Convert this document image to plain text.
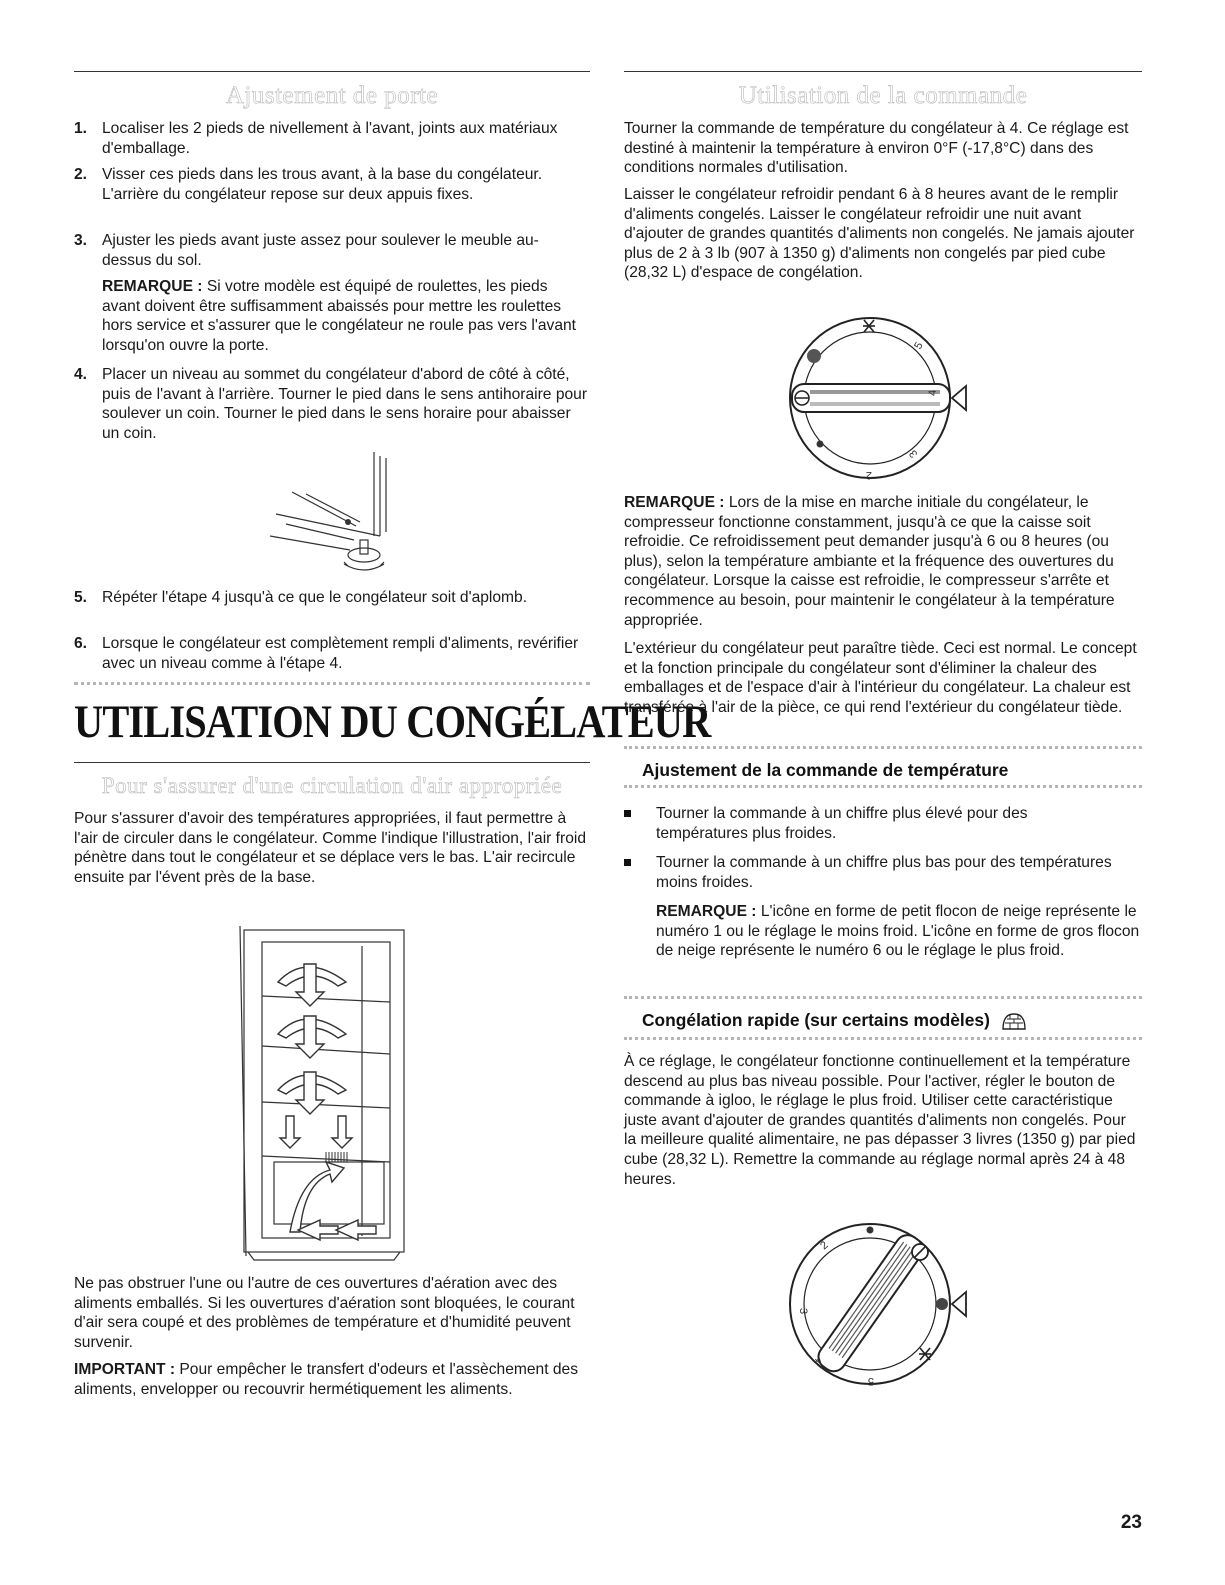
Ajustement de porte
1. Localiser les 2 pieds de nivellement à l'avant, joints aux matériaux d'emballage.
2. Visser ces pieds dans les trous avant, à la base du congélateur. L'arrière du congélateur repose sur deux appuis fixes.
3. Ajuster les pieds avant juste assez pour soulever le meuble au-dessus du sol.

REMARQUE : Si votre modèle est équipé de roulettes, les pieds avant doivent être suffisamment abaissés pour mettre les roulettes hors service et s'assurer que le congélateur ne roule pas vers l'avant lorsqu'on ouvre la porte.

4. Placer un niveau au sommet du congélateur d'abord de côté à côté, puis de l'avant à l'arrière. Tourner le pied dans le sens antihoraire pour soulever un coin. Tourner le pied dans le sens horaire pour abaisser un coin.
5. Répéter l'étape 4 jusqu'à ce que le congélateur soit d'aplomb.
6. Lorsque le congélateur est complètement rempli d'aliments, revérifier avec un niveau comme à l'étape 4.
UTILISATION DU CONGÉLATEUR
Pour s'assurer d'une circulation d'air appropriée

Pour s'assurer d'avoir des températures appropriées, il faut permettre à l'air de circuler dans le congélateur. Comme l'indique l'illustration, l'air froid pénètre dans tout le congélateur et se déplace vers le bas. L'air recircule ensuite par l'évent près de la base.

Ne pas obstruer l'une ou l'autre de ces ouvertures d'aération avec des aliments emballés. Si les ouvertures d'aération sont bloquées, le courant d'air sera coupé et des problèmes de température et d'humidité peuvent survenir.

IMPORTANT : Pour empêcher le transfert d'odeurs et l'assèchement des aliments, envelopper ou recouvrir hermétiquement les aliments.

Utilisation de la commande

Tourner la commande de température du congélateur à 4. Ce réglage est destiné à maintenir la température à environ 0°F (-17,8°C) dans des conditions normales d'utilisation.

Laisser le congélateur refroidir pendant 6 à 8 heures avant de le remplir d'aliments congelés. Laisser le congélateur refroidir une nuit avant d'ajouter de grandes quantités d'aliments non congelés. Ne jamais ajouter plus de 2 à 3 lb (907 à 1350 g) d'aliments non congelés par pied cube (28,32 L) d'espace de congélation.

5
4
3
2

REMARQUE : Lors de la mise en marche initiale du congélateur, le compresseur fonctionne constamment, jusqu'à ce que la caisse soit refroidie. Ce refroidissement peut demander jusqu'à 6 ou 8 heures (ou plus), selon la température ambiante et la fréquence des ouvertures du congélateur. Lorsque la caisse est refroidie, le compresseur s'arrête et recommence au besoin, pour maintenir le congélateur à la température appropriée.

L'extérieur du congélateur peut paraître tiède. Ceci est normal. Le concept et la fonction principale du congélateur sont d'éliminer la chaleur des emballages et de l'espace d'air à l'intérieur du congélateur. La chaleur est transférée à l'air de la pièce, ce qui rend l'extérieur du congélateur tiède.

Ajustement de la commande de température
Tourner la commande à un chiffre plus élevé pour des températures plus froides.
Tourner la commande à un chiffre plus bas pour des températures moins froides.

REMARQUE : L'icône en forme de petit flocon de neige représente le numéro 1 ou le réglage le moins froid. L'icône en forme de gros flocon de neige représente le numéro 6 ou le réglage le plus froid.

Congélation rapide (sur certains modèles)

À ce réglage, le congélateur fonctionne continuellement et la température descend au plus bas niveau possible. Pour l'activer, régler le bouton de commande à igloo, le réglage le plus froid. Utiliser cette caractéristique juste avant d'ajouter de grandes quantités d'aliments non congelés. Pour la meilleure qualité alimentaire, ne pas dépasser 3 livres (1350 g) par pied cube (28,32 L). Remettre la commande au réglage normal après 24 à 48 heures.

2
3
4
5
23
